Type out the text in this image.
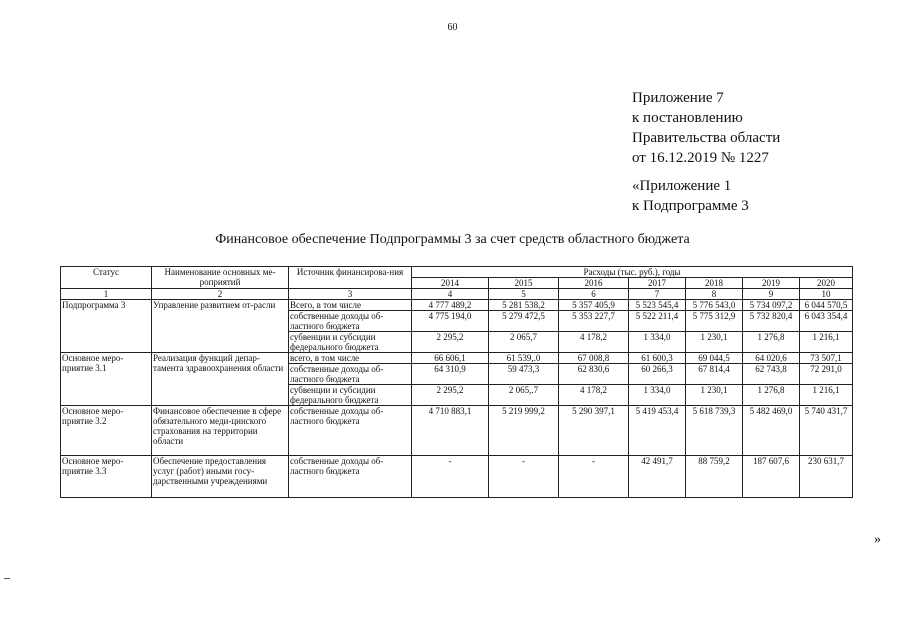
60
Приложение 7
к постановлению
Правительства области
от 16.12.2019 № 1227
«Приложение 1
к Подпрограмме 3
Финансовое обеспечение Подпрограммы 3 за счет средств областного бюджета
Статус	Наименование основных ме-роприятий	Источник финансирова-ния	Расходы (тыс. руб.), годы						
			2014	2015	2016	2017	2018	2019	2020
1	2	3	4	5	6	7	8	9	10
Подпрограмма 3	Управление развитием от-расли	Всего, в том числе	4 777 489,2	5 281 538,2	5 357 405,9	5 523 545,4	5 776 543,0	5 734 097,2	6 044 570,5
		собственные доходы об-ластного бюджета	4 775 194,0	5 279 472,5	5 353 227,7	5 522 211,4	5 775 312,9	5 732 820,4	6 043 354,4
		субвенции и субсидии федерального бюджета	2 295,2	2 065,7	4 178,2	1 334,0	1 230,1	1 276,8	1 216,1
Основное меро-приятие 3.1	Реализация функций депар-тамента здравоохранения области	всего, в том числе	66 606,1	61 539,.0	67 008,8	61 600,3	69 044,5	64 020,6	73 507,1
		собственные доходы об-ластного бюджета	64 310,9	59 473,3	62 830,6	60 266,3	67 814,4	62 743,8	72 291,0
		субвенции и субсидии федерального бюджета	2 295,2	2 065,.7	4 178,2	1 334,0	1 230,1	1 276,8	1 216,1
Основное меро-приятие 3.2	Финансовое обеспечение в сфере обязательного меди-цинского страхования на территории области	собственные доходы об-ластного бюджета	4 710 883,1	5 219 999,2	5 290 397,1	5 419 453,4	5 618 739,3	5 482 469,0	5 740 431,7
Основное меро-приятие 3.3	Обеспечение предоставления услуг (работ) иными госу-дарственными учреждениями	собственные доходы об-ластного бюджета	-	-	-	42 491,7	88 759,2	187 607,6	230 631,7
»
